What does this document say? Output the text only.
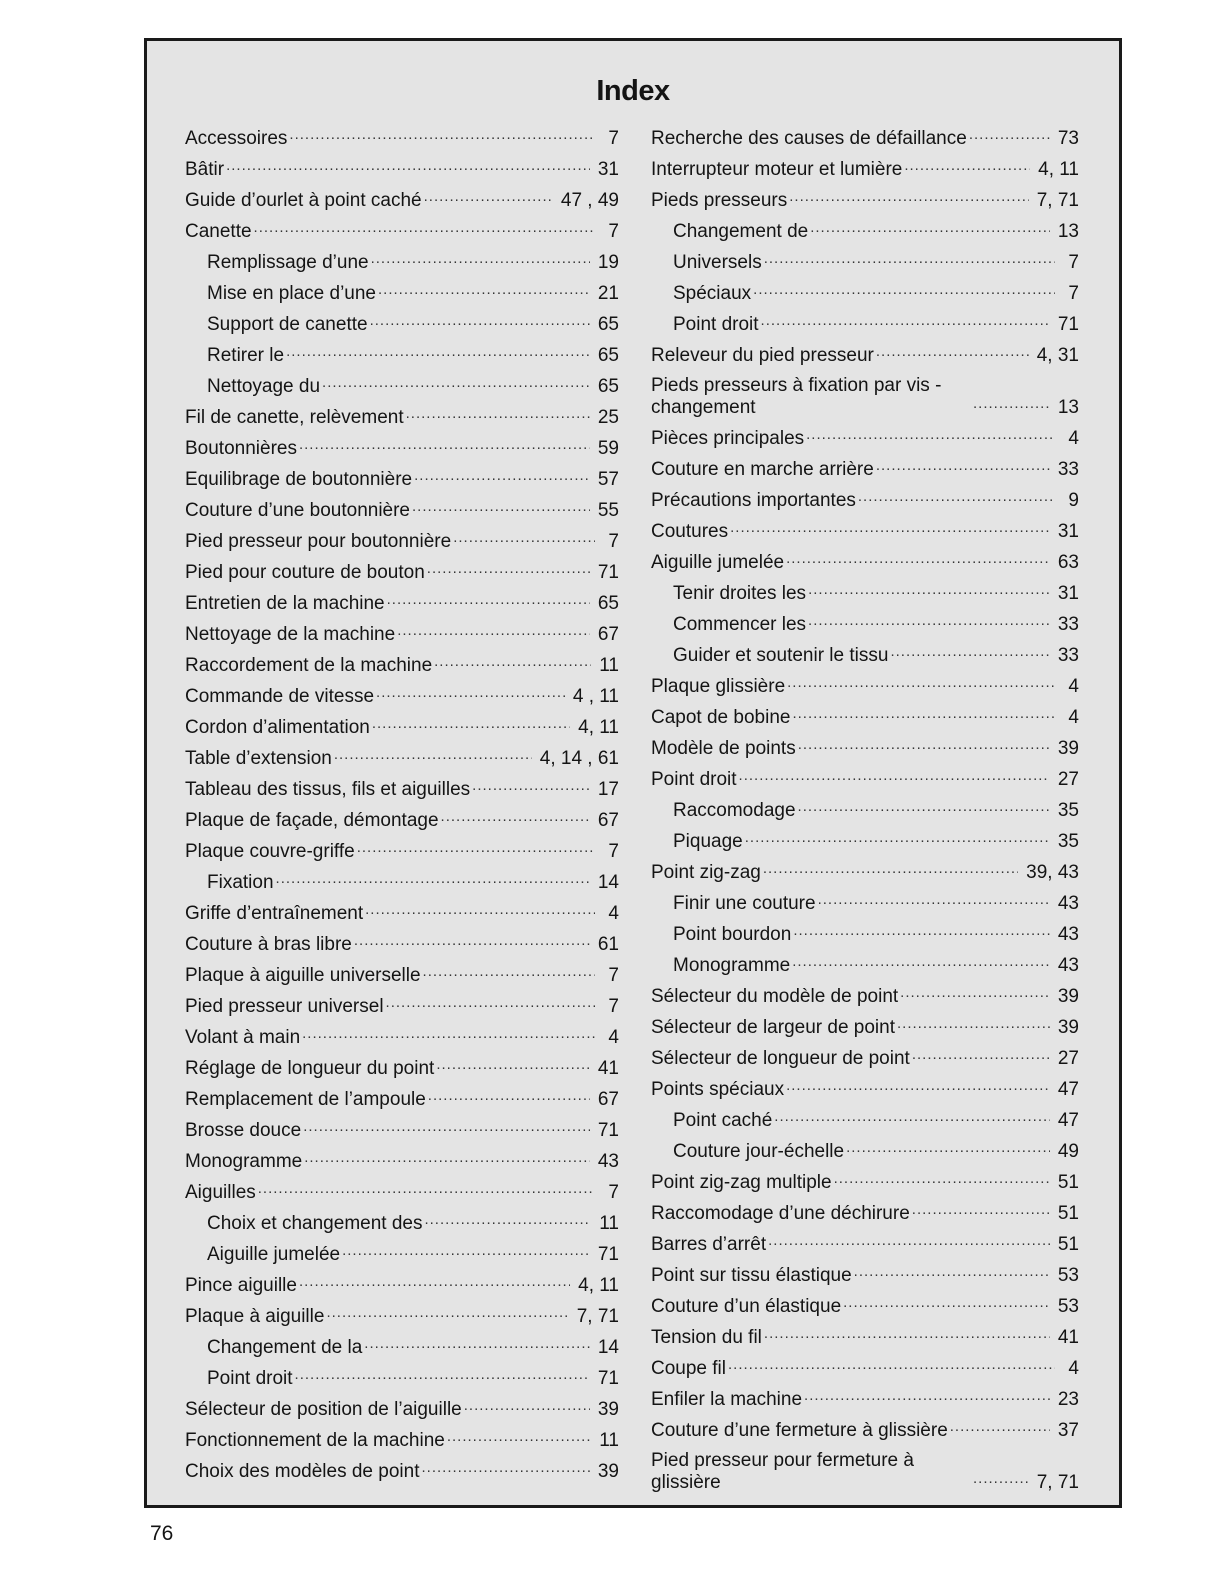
Index
Accessoires .....	7
Bâtir .....	31
Guide d’ourlet à point caché .....	47 , 49
Canette .....	7
Remplissage d’une .....	19
Mise en place d’une .....	21
Support de canette .....	65
Retirer le .....	65
Nettoyage du .....	65
Fil de canette, relèvement .....	25
Boutonnières .....	59
Equilibrage de boutonnière .....	57
Couture d’une boutonnière .....	55
Pied presseur pour boutonnière .....	7
Pied pour couture de bouton .....	71
Entretien de la machine .....	65
Nettoyage de la machine .....	67
Raccordement de la machine .....	11
Commande de vitesse .....	4 , 11
Cordon d’alimentation .....	4, 11
Table d’extension .....	4, 14 , 61
Tableau des tissus, fils et aiguilles .....	17
Plaque de façade, démontage .....	67
Plaque couvre-griffe .....	7
Fixation .....	14
Griffe d’entraînement .....	4
Couture à bras libre .....	61
Plaque à aiguille universelle .....	7
Pied presseur universel .....	7
Volant à main .....	4
Réglage de longueur du point .....	41
Remplacement de l’ampoule .....	67
Brosse douce .....	71
Monogramme .....	43
Aiguilles .....	7
Choix et changement des .....	11
Aiguille jumelée .....	71
Pince aiguille .....	4, 11
Plaque à aiguille .....	7, 71
Changement de la .....	14
Point droit .....	71
Sélecteur de position de l’aiguille .....	39
Fonctionnement de la machine .....	11
Choix des modèles de point .....	39
Recherche des causes de défaillance .....	73
Interrupteur moteur et lumière .....	4, 11
Pieds presseurs .....	7, 71
Changement de .....	13
Universels .....	7
Spéciaux .....	7
Point droit .....	71
Releveur du pied presseur .....	4, 31
Pieds presseurs à fixation par vis - changement .....	13
Pièces principales .....	4
Couture en marche arrière .....	33
Précautions importantes .....	9
Coutures .....	31
Aiguille jumelée .....	63
Tenir droites les .....	31
Commencer les .....	33
Guider et soutenir le tissu .....	33
Plaque glissière .....	4
Capot de bobine .....	4
Modèle de points .....	39
Point droit .....	27
Raccomodage .....	35
Piquage .....	35
Point zig-zag .....	39, 43
Finir une couture .....	43
Point bourdon .....	43
Monogramme .....	43
Sélecteur du modèle de point .....	39
Sélecteur de largeur de point .....	39
Sélecteur de longueur de point .....	27
Points spéciaux .....	47
Point caché .....	47
Couture jour-échelle .....	49
Point zig-zag multiple .....	51
Raccomodage d’une déchirure .....	51
Barres d’arrêt .....	51
Point sur tissu élastique .....	53
Couture d’un élastique .....	53
Tension du fil .....	41
Coupe fil .....	4
Enfiler la machine .....	23
Couture d’une fermeture à glissière .....	37
Pied presseur pour fermeture à glissière .....	7, 71
76
